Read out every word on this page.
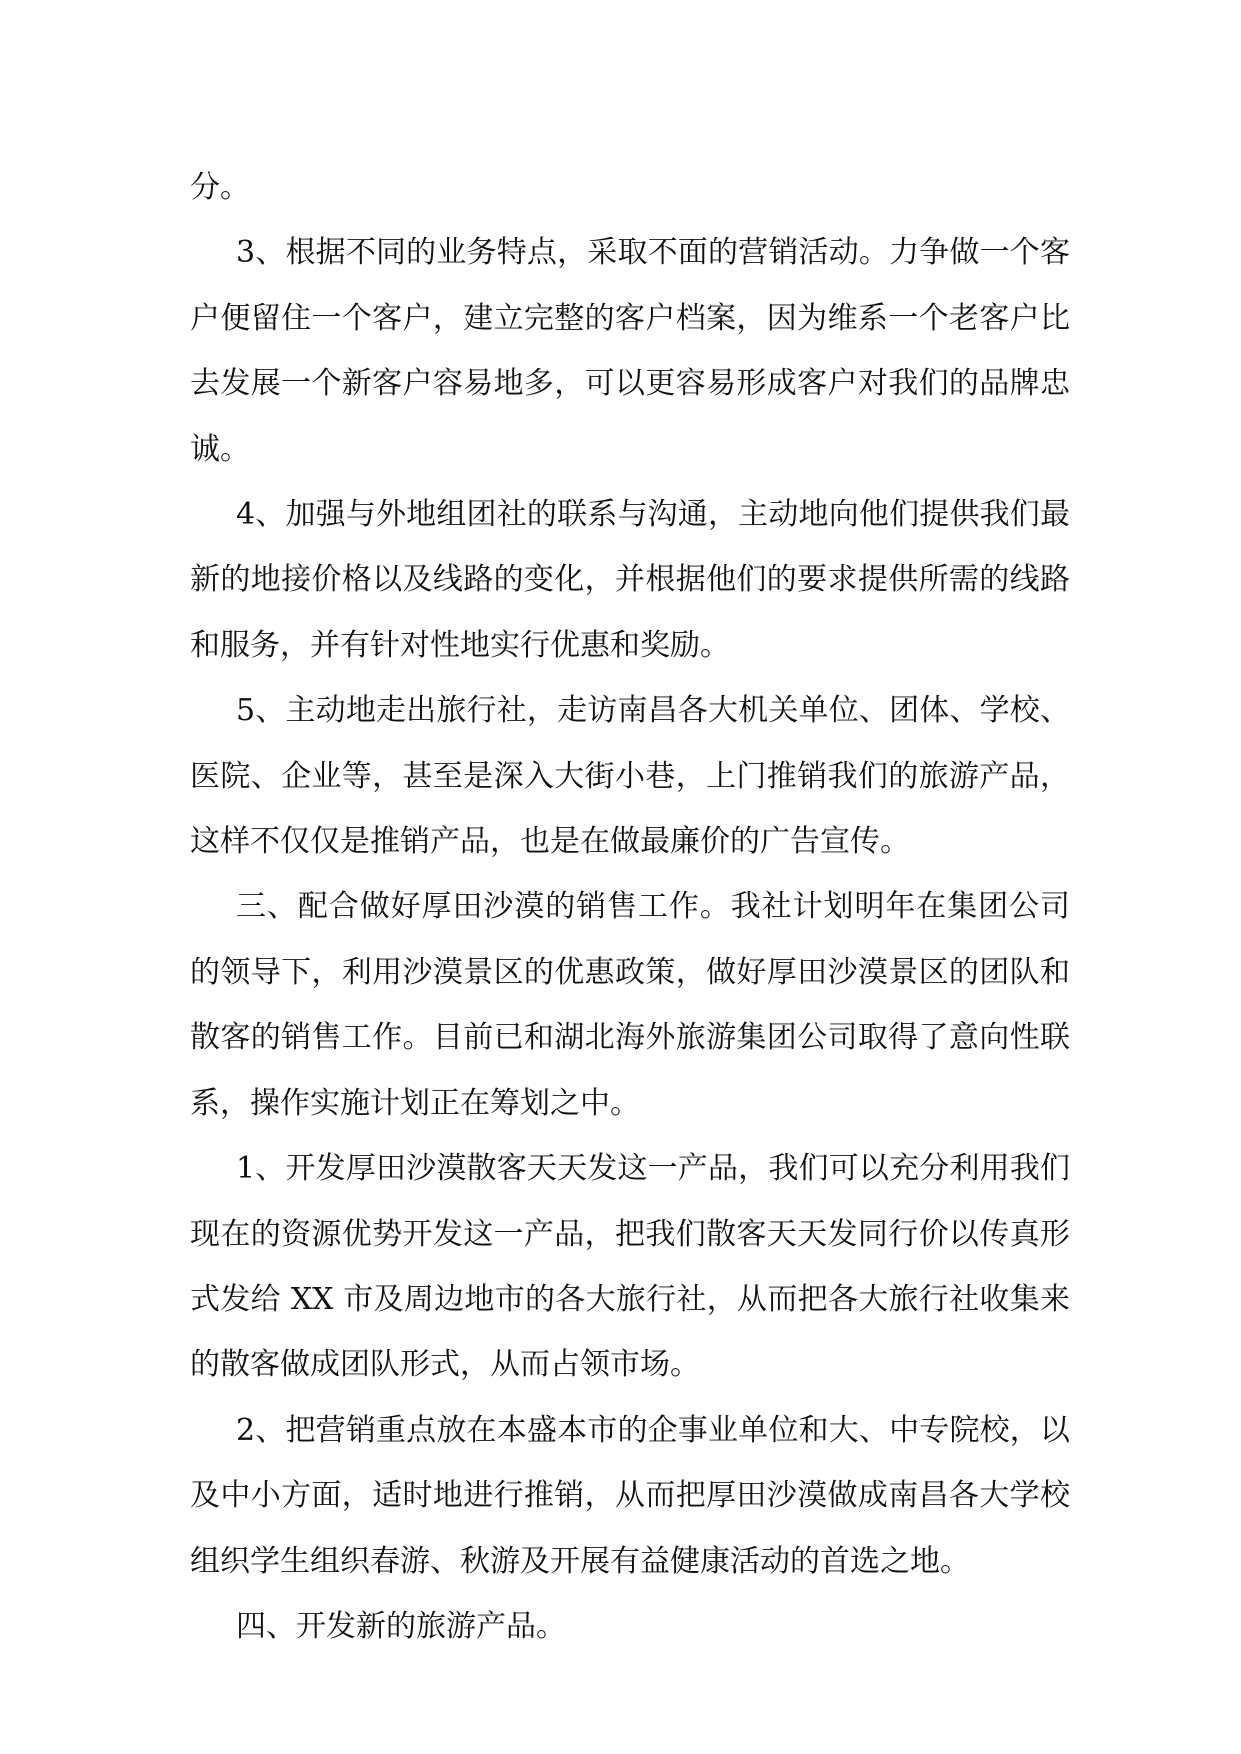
分。

3、根据不同的业务特点，采取不面的营销活动。力争做一个客户便留住一个客户，建立完整的客户档案，因为维系一个老客户比去发展一个新客户容易地多，可以更容易形成客户对我们的品牌忠诚。

4、加强与外地组团社的联系与沟通，主动地向他们提供我们最新的地接价格以及线路的变化，并根据他们的要求提供所需的线路和服务，并有针对性地实行优惠和奖励。

5、主动地走出旅行社，走访南昌各大机关单位、团体、学校、医院、企业等，甚至是深入大街小巷，上门推销我们的旅游产品，这样不仅仅是推销产品，也是在做最廉价的广告宣传。

三、配合做好厚田沙漠的销售工作。我社计划明年在集团公司的领导下，利用沙漠景区的优惠政策，做好厚田沙漠景区的团队和散客的销售工作。目前已和湖北海外旅游集团公司取得了意向性联系，操作实施计划正在筹划之中。

1、开发厚田沙漠散客天天发这一产品，我们可以充分利用我们现在的资源优势开发这一产品，把我们散客天天发同行价以传真形式发给 XX 市及周边地市的各大旅行社，从而把各大旅行社收集来的散客做成团队形式，从而占领市场。

2、把营销重点放在本盛本市的企事业单位和大、中专院校，以及中小方面，适时地进行推销，从而把厚田沙漠做成南昌各大学校组织学生组织春游、秋游及开展有益健康活动的首选之地。

四、开发新的旅游产品。
